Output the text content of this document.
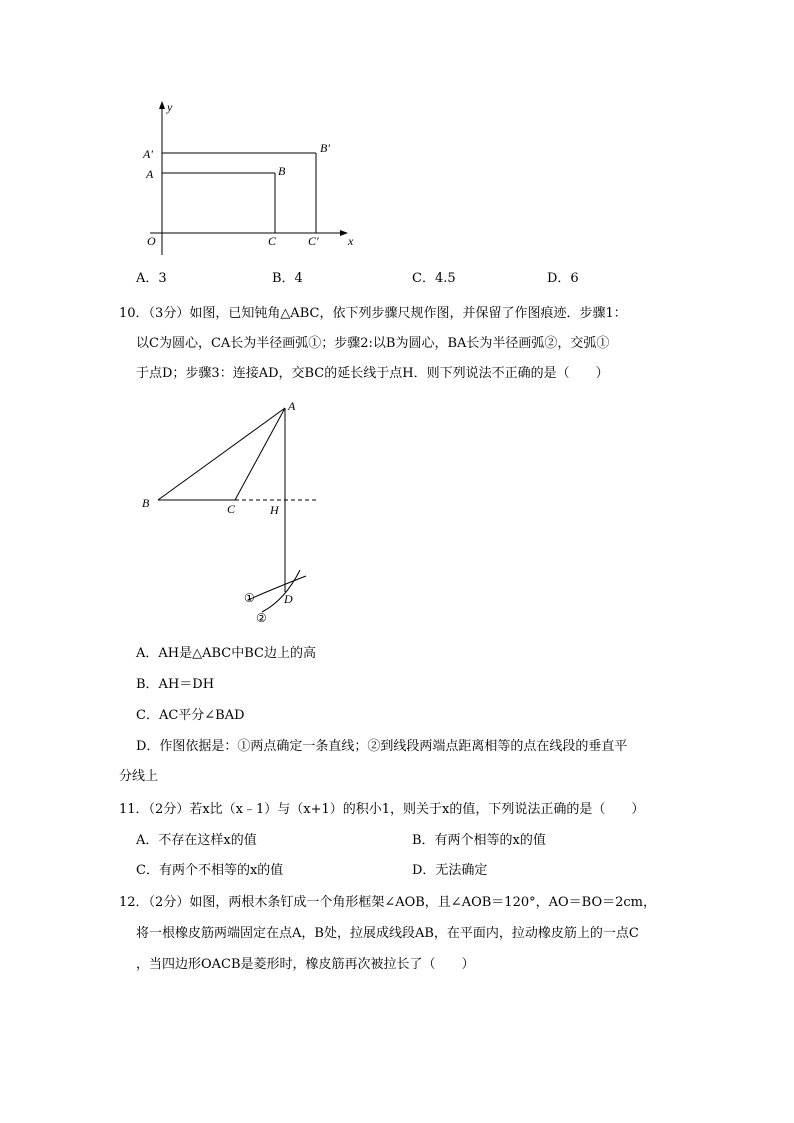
y
x
O
A′
A
B′
B
C	C′
A
B	C	H
D
①
②
A．3	B．4	C．4.5	D．6
10．（3分）如图，已知钝角△ABC，依下列步骤尺规作图，并保留了作图痕迹．步骤1：
以C为圆心，CA长为半径画弧①；步骤2:以B为圆心，BA长为半径画弧②，交弧①
于点D；步骤3：连接AD，交BC的延长线于点H．则下列说法不正确的是（　　）
A．AH是△ABC中BC边上的高
B．AH＝DH
C．AC平分∠BAD
D．作图依据是：①两点确定一条直线；②到线段两端点距离相等的点在线段的垂直平
分线上
11．（2分）若x比（x﹣1）与（x+1）的积小1，则关于x的值，下列说法正确的是（　　）
A．不存在这样x的值	B．有两个相等的x的值
C．有两个不相等的x的值	D．无法确定
12．（2分）如图，两根木条钉成一个角形框架∠AOB，且∠AOB＝120°，AO＝BO＝2cm，
将一根橡皮筋两端固定在点A，B处，拉展成线段AB，在平面内，拉动橡皮筋上的一点C
，当四边形OACB是菱形时，橡皮筋再次被拉长了（　　）
